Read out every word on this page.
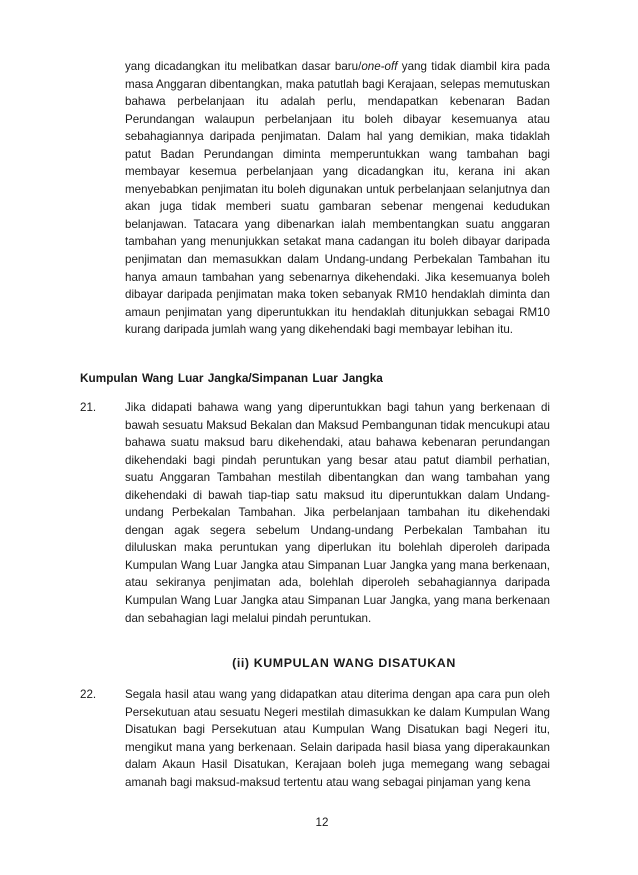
yang dicadangkan itu melibatkan dasar baru/one-off yang tidak diambil kira pada masa Anggaran dibentangkan, maka patutlah bagi Kerajaan, selepas memutuskan bahawa perbelanjaan itu adalah perlu, mendapatkan kebenaran Badan Perundangan walaupun perbelanjaan itu boleh dibayar kesemuanya atau sebahagiannya daripada penjimatan. Dalam hal yang demikian, maka tidaklah patut Badan Perundangan diminta memperuntukkan wang tambahan bagi membayar kesemua perbelanjaan yang dicadangkan itu, kerana ini akan menyebabkan penjimatan itu boleh digunakan untuk perbelanjaan selanjutnya dan akan juga tidak memberi suatu gambaran sebenar mengenai kedudukan belanjawan. Tatacara yang dibenarkan ialah membentangkan suatu anggaran tambahan yang menunjukkan setakat mana cadangan itu boleh dibayar daripada penjimatan dan memasukkan dalam Undang-undang Perbekalan Tambahan itu hanya amaun tambahan yang sebenarnya dikehendaki. Jika kesemuanya boleh dibayar daripada penjimatan maka token sebanyak RM10 hendaklah diminta dan amaun penjimatan yang diperuntukkan itu hendaklah ditunjukkan sebagai RM10 kurang daripada jumlah wang yang dikehendaki bagi membayar lebihan itu.
Kumpulan Wang Luar Jangka/Simpanan Luar Jangka
21.	Jika didapati bahawa wang yang diperuntukkan bagi tahun yang berkenaan di bawah sesuatu Maksud Bekalan dan Maksud Pembangunan tidak mencukupi atau bahawa suatu maksud baru dikehendaki, atau bahawa kebenaran perundangan dikehendaki bagi pindah peruntukan yang besar atau patut diambil perhatian, suatu Anggaran Tambahan mestilah dibentangkan dan wang tambahan yang dikehendaki di bawah tiap-tiap satu maksud itu diperuntukkan dalam Undang-undang Perbekalan Tambahan. Jika perbelanjaan tambahan itu dikehendaki dengan agak segera sebelum Undang-undang Perbekalan Tambahan itu diluluskan maka peruntukan yang diperlukan itu bolehlah diperoleh daripada Kumpulan Wang Luar Jangka atau Simpanan Luar Jangka yang mana berkenaan, atau sekiranya penjimatan ada, bolehlah diperoleh sebahagiannya daripada Kumpulan Wang Luar Jangka atau Simpanan Luar Jangka, yang mana berkenaan dan sebahagian lagi melalui pindah peruntukan.
(ii) KUMPULAN WANG DISATUKAN
22.	Segala hasil atau wang yang didapatkan atau diterima dengan apa cara pun oleh Persekutuan atau sesuatu Negeri mestilah dimasukkan ke dalam Kumpulan Wang Disatukan bagi Persekutuan atau Kumpulan Wang Disatukan bagi Negeri itu, mengikut mana yang berkenaan. Selain daripada hasil biasa yang diperakaunkan dalam Akaun Hasil Disatukan, Kerajaan boleh juga memegang wang sebagai amanah bagi maksud-maksud tertentu atau wang sebagai pinjaman yang kena
12
